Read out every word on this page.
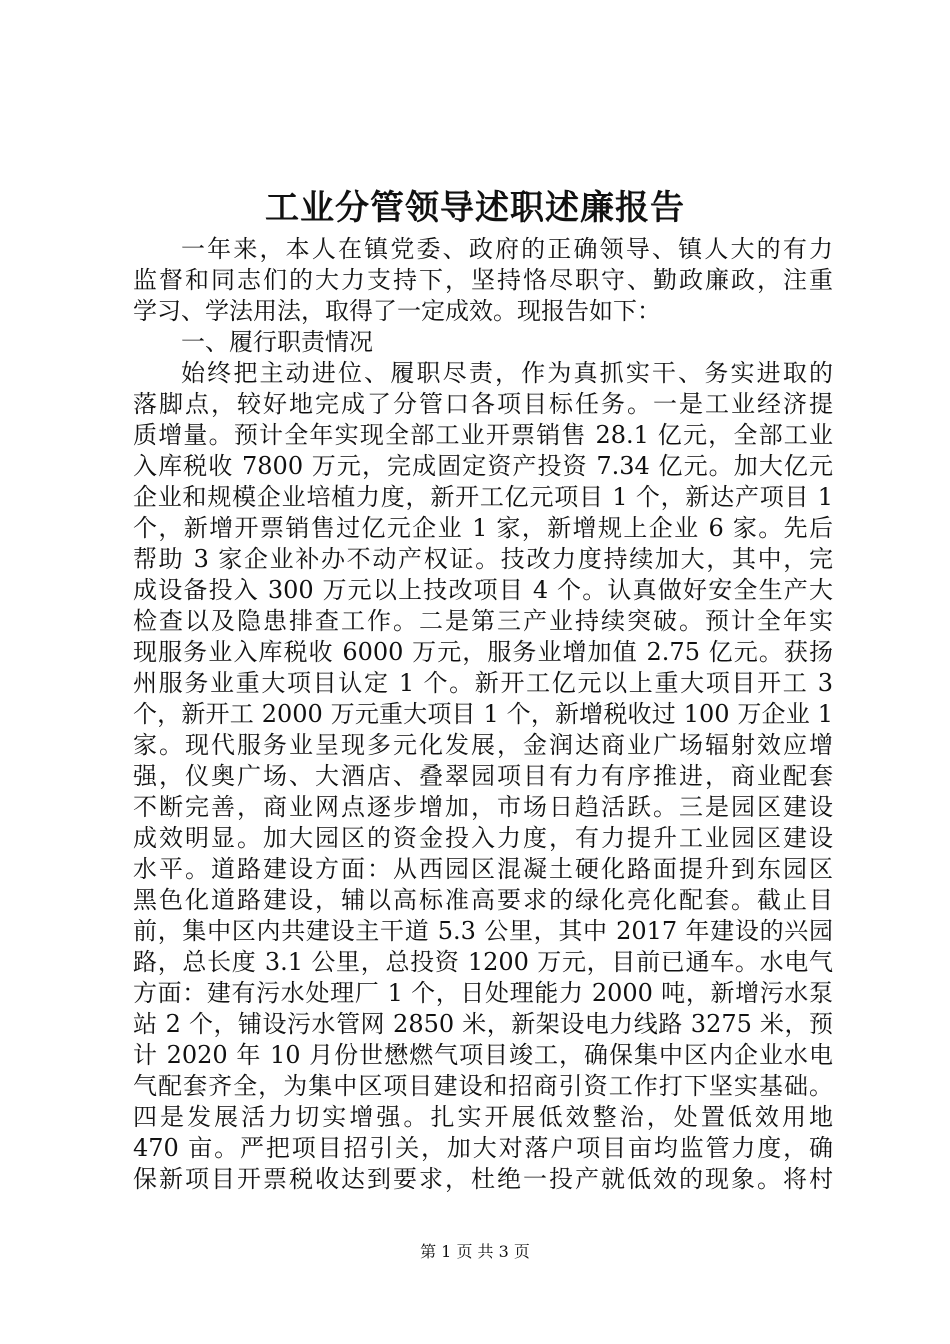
工业分管领导述职述廉报告
一年来，本人在镇党委、政府的正确领导、镇人大的有力
监督和同志们的大力支持下，坚持恪尽职守、勤政廉政，注重
学习、学法用法，取得了一定成效。现报告如下：
一、履行职责情况
始终把主动进位、履职尽责，作为真抓实干、务实进取的
落脚点，较好地完成了分管口各项目标任务。一是工业经济提
质增量。预计全年实现全部工业开票销售 28.1 亿元，全部工业
入库税收 7800 万元，完成固定资产投资 7.34 亿元。加大亿元
企业和规模企业培植力度，新开工亿元项目 1 个，新达产项目 1
个，新增开票销售过亿元企业 1 家，新增规上企业 6 家。先后
帮助 3 家企业补办不动产权证。技改力度持续加大，其中，完
成设备投入 300 万元以上技改项目 4 个。认真做好安全生产大
检查以及隐患排查工作。二是第三产业持续突破。预计全年实
现服务业入库税收 6000 万元，服务业增加值 2.75 亿元。获扬
州服务业重大项目认定 1 个。新开工亿元以上重大项目开工 3
个，新开工 2000 万元重大项目 1 个，新增税收过 100 万企业 1
家。现代服务业呈现多元化发展，金润达商业广场辐射效应增
强，仪奥广场、大酒店、叠翠园项目有力有序推进，商业配套
不断完善，商业网点逐步增加，市场日趋活跃。三是园区建设
成效明显。加大园区的资金投入力度，有力提升工业园区建设
水平。道路建设方面：从西园区混凝土硬化路面提升到东园区
黑色化道路建设，辅以高标准高要求的绿化亮化配套。截止目
前，集中区内共建设主干道 5.3 公里，其中 2017 年建设的兴园
路，总长度 3.1 公里，总投资 1200 万元，目前已通车。水电气
方面：建有污水处理厂 1 个，日处理能力 2000 吨，新增污水泵
站 2 个，铺设污水管网 2850 米，新架设电力线路 3275 米，预
计 2020 年 10 月份世懋燃气项目竣工，确保集中区内企业水电
气配套齐全，为集中区项目建设和招商引资工作打下坚实基础。
四是发展活力切实增强。扎实开展低效整治，处置低效用地
470 亩。严把项目招引关，加大对落户项目亩均监管力度，确
保新项目开票税收达到要求，杜绝一投产就低效的现象。将村
第 1 页 共 3 页
